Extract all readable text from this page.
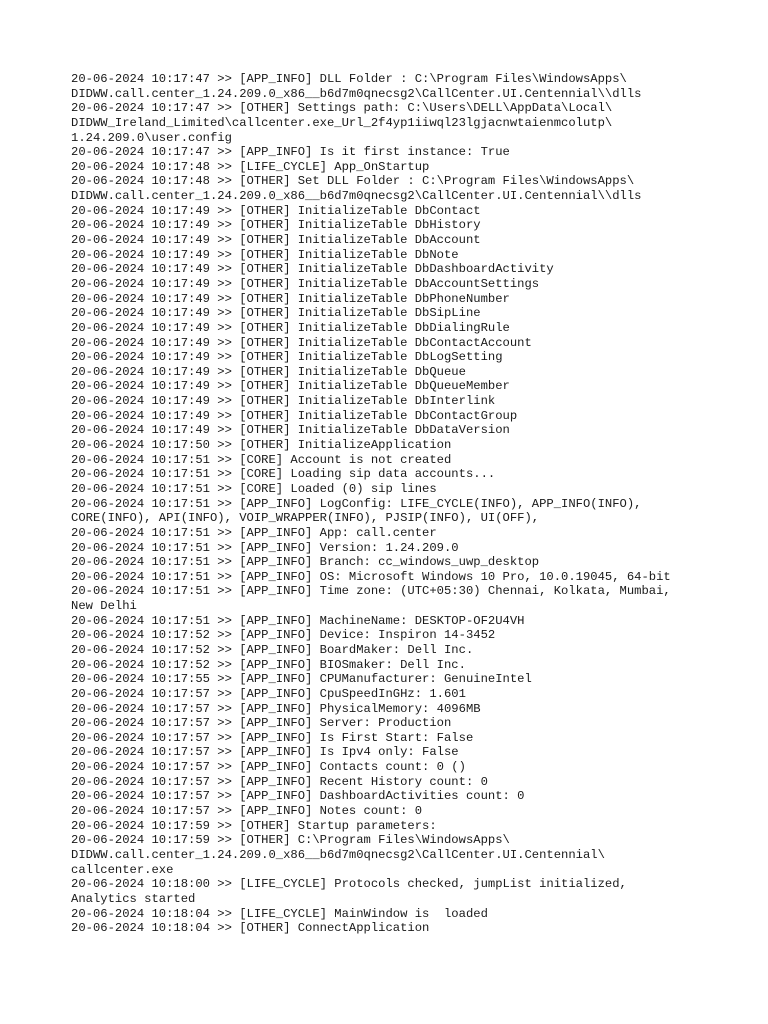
20-06-2024 10:17:47 >> [APP_INFO] DLL Folder : C:\Program Files\WindowsApps\
DIDWW.call.center_1.24.209.0_x86__b6d7m0qnecsg2\CallCenter.UI.Centennial\\dlls
20-06-2024 10:17:47 >> [OTHER] Settings path: C:\Users\DELL\AppData\Local\
DIDWW_Ireland_Limited\callcenter.exe_Url_2f4yp1iiwql23lgjacnwtaienmcolutp\
1.24.209.0\user.config
20-06-2024 10:17:47 >> [APP_INFO] Is it first instance: True
20-06-2024 10:17:48 >> [LIFE_CYCLE] App_OnStartup
20-06-2024 10:17:48 >> [OTHER] Set DLL Folder : C:\Program Files\WindowsApps\
DIDWW.call.center_1.24.209.0_x86__b6d7m0qnecsg2\CallCenter.UI.Centennial\\dlls
20-06-2024 10:17:49 >> [OTHER] InitializeTable DbContact
20-06-2024 10:17:49 >> [OTHER] InitializeTable DbHistory
20-06-2024 10:17:49 >> [OTHER] InitializeTable DbAccount
20-06-2024 10:17:49 >> [OTHER] InitializeTable DbNote
20-06-2024 10:17:49 >> [OTHER] InitializeTable DbDashboardActivity
20-06-2024 10:17:49 >> [OTHER] InitializeTable DbAccountSettings
20-06-2024 10:17:49 >> [OTHER] InitializeTable DbPhoneNumber
20-06-2024 10:17:49 >> [OTHER] InitializeTable DbSipLine
20-06-2024 10:17:49 >> [OTHER] InitializeTable DbDialingRule
20-06-2024 10:17:49 >> [OTHER] InitializeTable DbContactAccount
20-06-2024 10:17:49 >> [OTHER] InitializeTable DbLogSetting
20-06-2024 10:17:49 >> [OTHER] InitializeTable DbQueue
20-06-2024 10:17:49 >> [OTHER] InitializeTable DbQueueMember
20-06-2024 10:17:49 >> [OTHER] InitializeTable DbInterlink
20-06-2024 10:17:49 >> [OTHER] InitializeTable DbContactGroup
20-06-2024 10:17:49 >> [OTHER] InitializeTable DbDataVersion
20-06-2024 10:17:50 >> [OTHER] InitializeApplication
20-06-2024 10:17:51 >> [CORE] Account is not created
20-06-2024 10:17:51 >> [CORE] Loading sip data accounts...
20-06-2024 10:17:51 >> [CORE] Loaded (0) sip lines
20-06-2024 10:17:51 >> [APP_INFO] LogConfig: LIFE_CYCLE(INFO), APP_INFO(INFO),
CORE(INFO), API(INFO), VOIP_WRAPPER(INFO), PJSIP(INFO), UI(OFF),
20-06-2024 10:17:51 >> [APP_INFO] App: call.center
20-06-2024 10:17:51 >> [APP_INFO] Version: 1.24.209.0
20-06-2024 10:17:51 >> [APP_INFO] Branch: cc_windows_uwp_desktop
20-06-2024 10:17:51 >> [APP_INFO] OS: Microsoft Windows 10 Pro, 10.0.19045, 64-bit
20-06-2024 10:17:51 >> [APP_INFO] Time zone: (UTC+05:30) Chennai, Kolkata, Mumbai,
New Delhi
20-06-2024 10:17:51 >> [APP_INFO] MachineName: DESKTOP-OF2U4VH
20-06-2024 10:17:52 >> [APP_INFO] Device: Inspiron 14-3452
20-06-2024 10:17:52 >> [APP_INFO] BoardMaker: Dell Inc.
20-06-2024 10:17:52 >> [APP_INFO] BIOSmaker: Dell Inc.
20-06-2024 10:17:55 >> [APP_INFO] CPUManufacturer: GenuineIntel
20-06-2024 10:17:57 >> [APP_INFO] CpuSpeedInGHz: 1.601
20-06-2024 10:17:57 >> [APP_INFO] PhysicalMemory: 4096MB
20-06-2024 10:17:57 >> [APP_INFO] Server: Production
20-06-2024 10:17:57 >> [APP_INFO] Is First Start: False
20-06-2024 10:17:57 >> [APP_INFO] Is Ipv4 only: False
20-06-2024 10:17:57 >> [APP_INFO] Contacts count: 0 ()
20-06-2024 10:17:57 >> [APP_INFO] Recent History count: 0
20-06-2024 10:17:57 >> [APP_INFO] DashboardActivities count: 0
20-06-2024 10:17:57 >> [APP_INFO] Notes count: 0
20-06-2024 10:17:59 >> [OTHER] Startup parameters:
20-06-2024 10:17:59 >> [OTHER] C:\Program Files\WindowsApps\
DIDWW.call.center_1.24.209.0_x86__b6d7m0qnecsg2\CallCenter.UI.Centennial\
callcenter.exe
20-06-2024 10:18:00 >> [LIFE_CYCLE] Protocols checked, jumpList initialized,
Analytics started
20-06-2024 10:18:04 >> [LIFE_CYCLE] MainWindow is  loaded
20-06-2024 10:18:04 >> [OTHER] ConnectApplication
